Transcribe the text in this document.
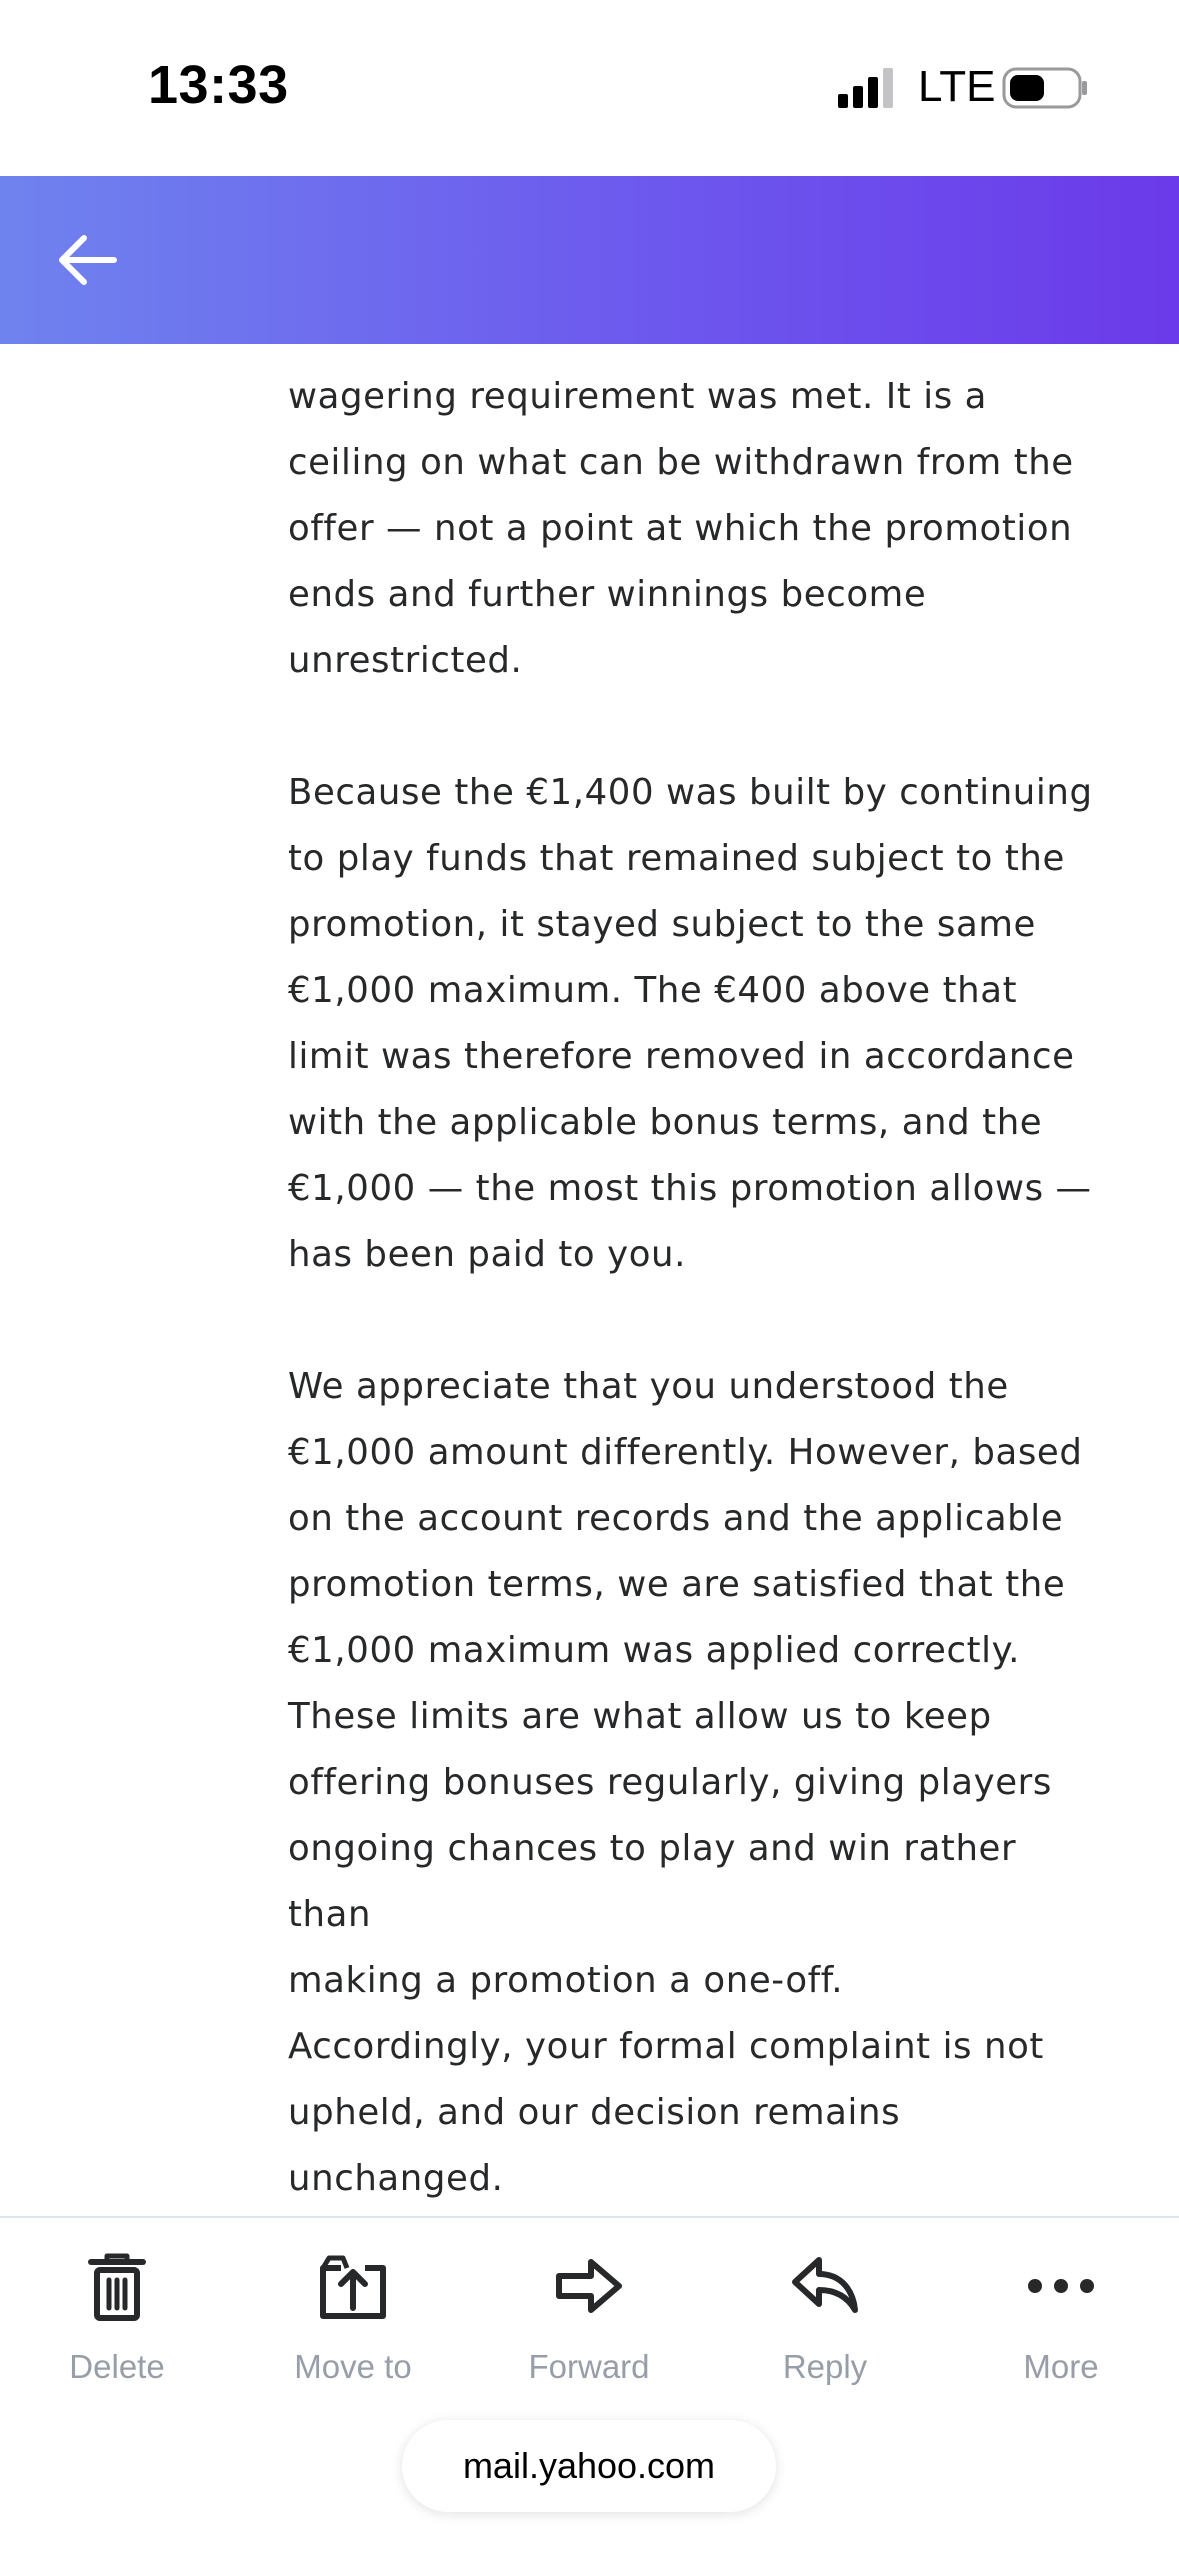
13:33	LTE

wagering requirement was met. It is a
ceiling on what can be withdrawn from the
offer — not a point at which the promotion
ends and further winnings become
unrestricted.

Because the €1,400 was built by continuing
to play funds that remained subject to the
promotion, it stayed subject to the same
€1,000 maximum. The €400 above that
limit was therefore removed in accordance
with the applicable bonus terms, and the
€1,000 — the most this promotion allows —
has been paid to you.

We appreciate that you understood the
€1,000 amount differently. However, based
on the account records and the applicable
promotion terms, we are satisfied that the
€1,000 maximum was applied correctly.
These limits are what allow us to keep
offering bonuses regularly, giving players
ongoing chances to play and win rather than
making a promotion a one-off.

Accordingly, your formal complaint is not
upheld, and our decision remains
unchanged.

Delete	Move to	Forward	Reply	More
mail.yahoo.com
